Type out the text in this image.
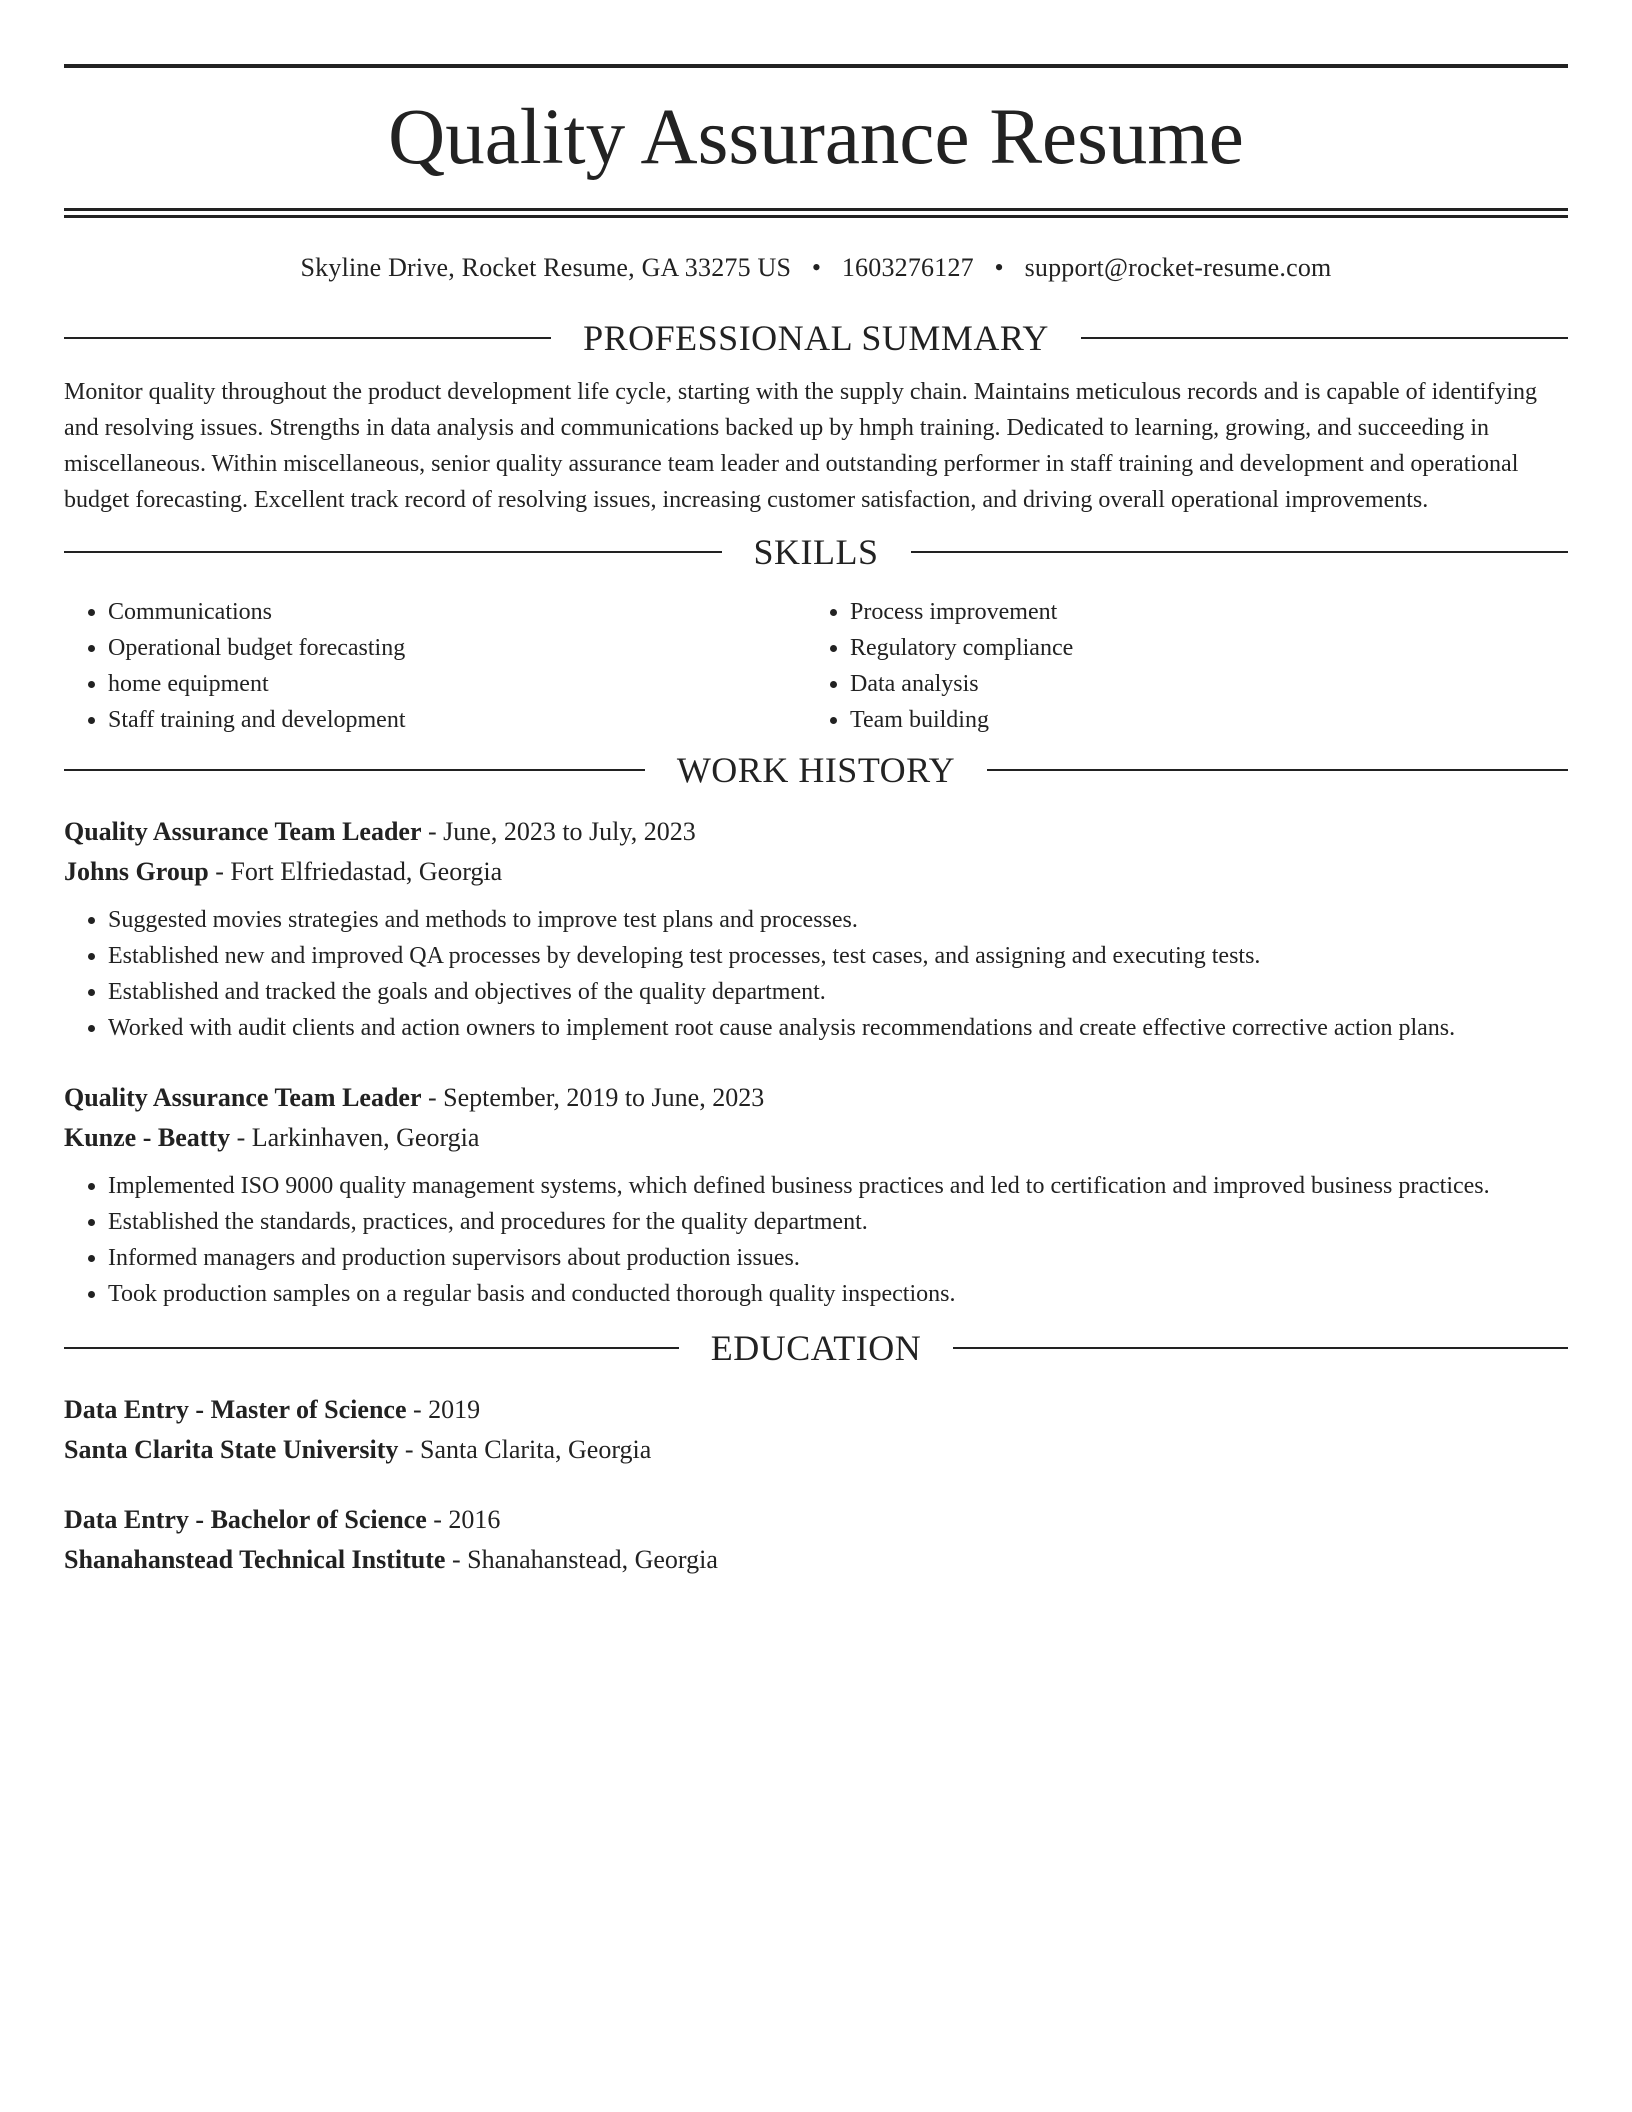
Quality Assurance Resume
Skyline Drive, Rocket Resume, GA 33275 US • 1603276127 • support@rocket-resume.com
PROFESSIONAL SUMMARY

Monitor quality throughout the product development life cycle, starting with the supply chain. Maintains meticulous records and is capable of identifying and resolving issues. Strengths in data analysis and communications backed up by hmph training. Dedicated to learning, growing, and succeeding in miscellaneous. Within miscellaneous, senior quality assurance team leader and outstanding performer in staff training and development and operational budget forecasting. Excellent track record of resolving issues, increasing customer satisfaction, and driving overall operational improvements.

SKILLS
• Communications
• Operational budget forecasting
• home equipment
• Staff training and development
• Process improvement
• Regulatory compliance
• Data analysis
• Team building
WORK HISTORY
Quality Assurance Team Leader - June, 2023 to July, 2023
Johns Group - Fort Elfriedastad, Georgia
• Suggested movies strategies and methods to improve test plans and processes.
• Established new and improved QA processes by developing test processes, test cases, and assigning and executing tests.
• Established and tracked the goals and objectives of the quality department.
• Worked with audit clients and action owners to implement root cause analysis recommendations and create effective corrective action plans.
Quality Assurance Team Leader - September, 2019 to June, 2023
Kunze - Beatty - Larkinhaven, Georgia
• Implemented ISO 9000 quality management systems, which defined business practices and led to certification and improved business practices.
• Established the standards, practices, and procedures for the quality department.
• Informed managers and production supervisors about production issues.
• Took production samples on a regular basis and conducted thorough quality inspections.
EDUCATION
Data Entry - Master of Science - 2019
Santa Clarita State University - Santa Clarita, Georgia
Data Entry - Bachelor of Science - 2016
Shanahanstead Technical Institute - Shanahanstead, Georgia
